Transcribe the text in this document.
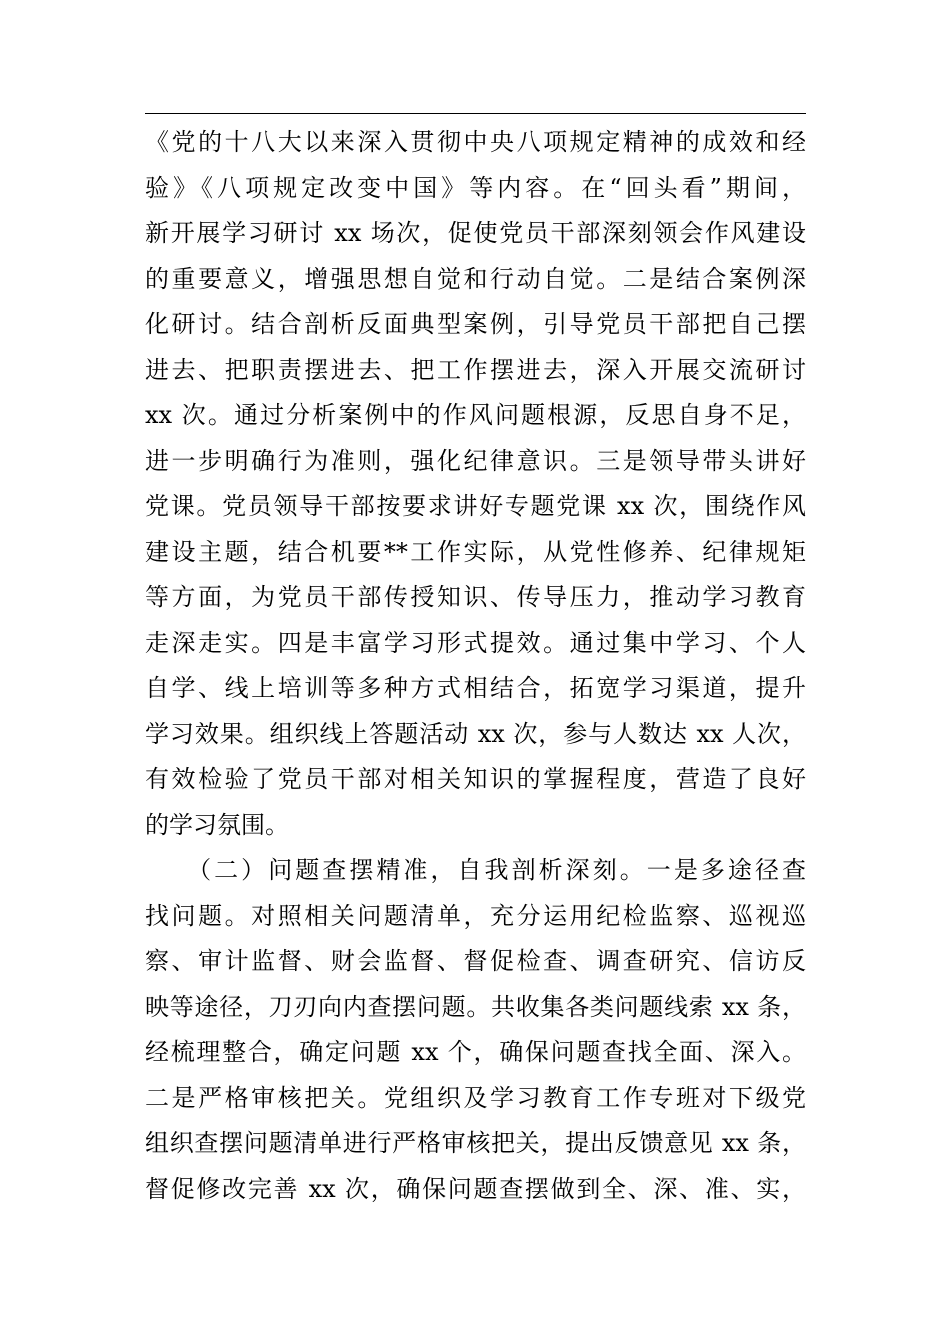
《党的十八大以来深入贯彻中央八项规定精神的成效和经

验》《八项规定改变中国》等内容。在“回头看”期间，

新开展学习研讨 xx 场次，促使党员干部深刻领会作风建设

的重要意义，增强思想自觉和行动自觉。二是结合案例深

化研讨。结合剖析反面典型案例，引导党员干部把自己摆

进去、把职责摆进去、把工作摆进去，深入开展交流研讨

xx 次。通过分析案例中的作风问题根源，反思自身不足，

进一步明确行为准则，强化纪律意识。三是领导带头讲好

党课。党员领导干部按要求讲好专题党课 xx 次，围绕作风

建设主题，结合机要**工作实际，从党性修养、纪律规矩

等方面，为党员干部传授知识、传导压力，推动学习教育

走深走实。四是丰富学习形式提效。通过集中学习、个人

自学、线上培训等多种方式相结合，拓宽学习渠道，提升

学习效果。组织线上答题活动 xx 次，参与人数达 xx 人次，

有效检验了党员干部对相关知识的掌握程度，营造了良好

的学习氛围。

　　（二）问题查摆精准，自我剖析深刻。一是多途径查

找问题。对照相关问题清单，充分运用纪检监察、巡视巡

察、审计监督、财会监督、督促检查、调查研究、信访反

映等途径，刀刃向内查摆问题。共收集各类问题线索 xx 条，

经梳理整合，确定问题 xx 个，确保问题查找全面、深入。

二是严格审核把关。党组织及学习教育工作专班对下级党

组织查摆问题清单进行严格审核把关，提出反馈意见 xx 条，

督促修改完善 xx 次，确保问题查摆做到全、深、准、实，
